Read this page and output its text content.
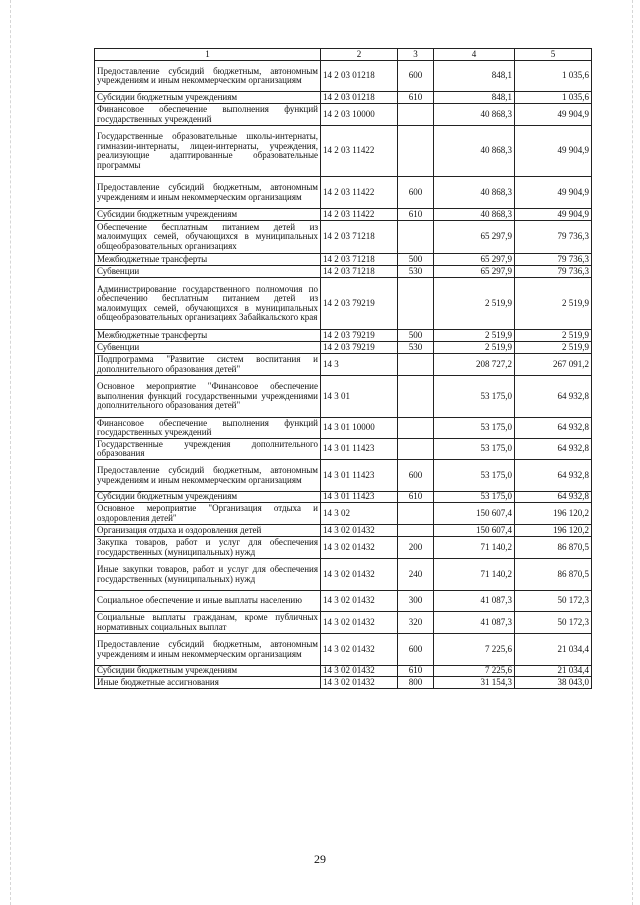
1	2	3	4	5
Предоставление субсидий бюджетным, автономным учреждениям и иным некоммерческим организациям	14 2 03 01218	600	848,1	1 035,6
Субсидии бюджетным учреждениям	14 2 03 01218	610	848,1	1 035,6
Финансовое обеспечение выполнения функций государственных учреждений	14 2 03 10000		40 868,3	49 904,9
Государственные образовательные школы-интернаты, гимназии-интернаты, лицеи-интернаты, учреждения, реализующие адаптированные образовательные программы	14 2 03 11422		40 868,3	49 904,9
Предоставление субсидий бюджетным, автономным учреждениям и иным некоммерческим организациям	14 2 03 11422	600	40 868,3	49 904,9
Субсидии бюджетным учреждениям	14 2 03 11422	610	40 868,3	49 904,9
Обеспечение бесплатным питанием детей из малоимущих семей, обучающихся в муниципальных общеобразовательных организациях	14 2 03 71218		65 297,9	79 736,3
Межбюджетные трансферты	14 2 03 71218	500	65 297,9	79 736,3
Субвенции	14 2 03 71218	530	65 297,9	79 736,3
Администрирование государственного полномочия по обеспечению бесплатным питанием детей из малоимущих семей, обучающихся в муниципальных общеобразовательных организациях Забайкальского края	14 2 03 79219		2 519,9	2 519,9
Межбюджетные трансферты	14 2 03 79219	500	2 519,9	2 519,9
Субвенции	14 2 03 79219	530	2 519,9	2 519,9
Подпрограмма "Развитие систем воспитания и дополнительного образования детей"	14 3		208 727,2	267 091,2
Основное мероприятие "Финансовое обеспечение выполнения функций государственными учреждениями дополнительного образования детей"	14 3 01		53 175,0	64 932,8
Финансовое обеспечение выполнения функций государственных учреждений	14 3 01 10000		53 175,0	64 932,8
Государственные учреждения дополнительного образования	14 3 01 11423		53 175,0	64 932,8
Предоставление субсидий бюджетным, автономным учреждениям и иным некоммерческим организациям	14 3 01 11423	600	53 175,0	64 932,8
Субсидии бюджетным учреждениям	14 3 01 11423	610	53 175,0	64 932,8
Основное мероприятие "Организация отдыха и оздоровления детей"	14 3 02		150 607,4	196 120,2
Организация отдыха и оздоровления детей	14 3 02 01432		150 607,4	196 120,2
Закупка товаров, работ и услуг для обеспечения государственных (муниципальных) нужд	14 3 02 01432	200	71 140,2	86 870,5
Иные закупки товаров, работ и услуг для обеспечения государственных (муниципальных) нужд	14 3 02 01432	240	71 140,2	86 870,5
Социальное обеспечение и иные выплаты населению	14 3 02 01432	300	41 087,3	50 172,3
Социальные выплаты гражданам, кроме публичных нормативных социальных выплат	14 3 02 01432	320	41 087,3	50 172,3
Предоставление субсидий бюджетным, автономным учреждениям и иным некоммерческим организациям	14 3 02 01432	600	7 225,6	21 034,4
Субсидии бюджетным учреждениям	14 3 02 01432	610	7 225,6	21 034,4
Иные бюджетные ассигнования	14 3 02 01432	800	31 154,3	38 043,0
29
